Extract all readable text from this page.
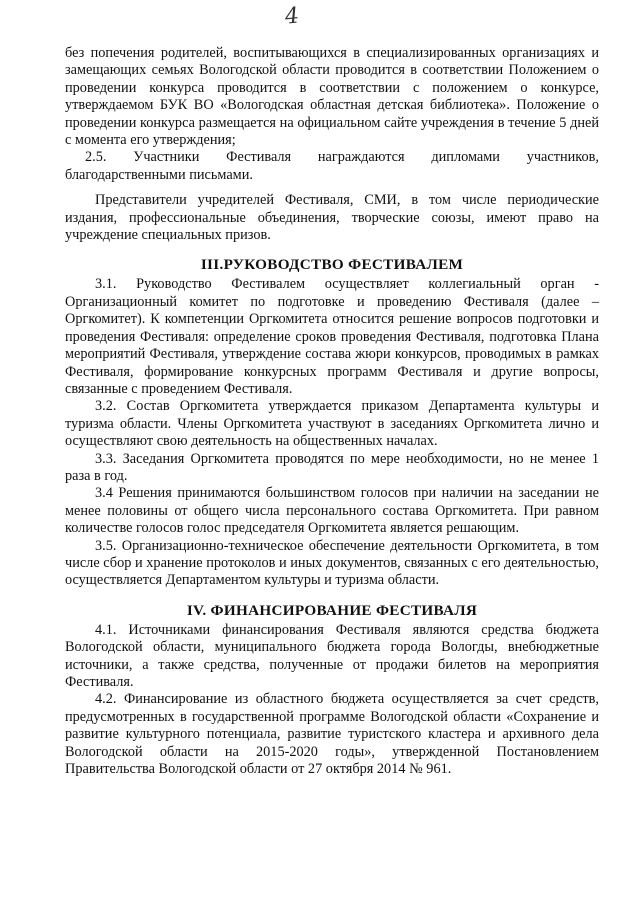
4

без попечения родителей, воспитывающихся в специализированных организациях и замещающих семьях Вологодской области проводится в соответствии Положением о проведении конкурса проводится в соответствии с положением о конкурсе, утверждаемом БУК ВО «Вологодская областная детская библиотека». Положение о проведении конкурса размещается на официальном сайте учреждения в течение 5 дней с момента его утверждения;

2.5. Участники Фестиваля награждаются дипломами участников, благодарственными письмами.

Представители учредителей Фестиваля, СМИ, в том числе периодические издания, профессиональные объединения, творческие союзы, имеют право на учреждение специальных призов.

III.РУКОВОДСТВО ФЕСТИВАЛЕМ

3.1. Руководство Фестивалем осуществляет коллегиальный орган - Организационный комитет по подготовке и проведению Фестиваля (далее – Оргкомитет). К компетенции Оргкомитета относится решение вопросов подготовки и проведения Фестиваля: определение сроков проведения Фестиваля, подготовка Плана мероприятий Фестиваля, утверждение состава жюри конкурсов, проводимых в рамках Фестиваля, формирование конкурсных программ Фестиваля и другие вопросы, связанные с проведением Фестиваля.

3.2. Состав Оргкомитета утверждается приказом Департамента культуры и туризма области. Члены Оргкомитета участвуют в заседаниях Оргкомитета лично и осуществляют свою деятельность на общественных началах.

3.3. Заседания Оргкомитета проводятся по мере необходимости, но не менее 1 раза в год.

3.4 Решения принимаются большинством голосов при наличии на заседании не менее половины от общего числа персонального состава Оргкомитета. При равном количестве голосов голос председателя Оргкомитета является решающим.

3.5. Организационно-техническое обеспечение деятельности Оргкомитета, в том числе сбор и хранение протоколов и иных документов, связанных с его деятельностью, осуществляется Департаментом культуры и туризма области.

IV. ФИНАНСИРОВАНИЕ ФЕСТИВАЛЯ

4.1. Источниками финансирования Фестиваля являются средства бюджета Вологодской области, муниципального бюджета города Вологды, внебюджетные источники, а также средства, полученные от продажи билетов на мероприятия Фестиваля.

4.2. Финансирование из областного бюджета осуществляется за счет средств, предусмотренных в государственной программе Вологодской области «Сохранение и развитие культурного потенциала, развитие туристского кластера и архивного дела Вологодской области на 2015-2020 годы», утвержденной Постановлением Правительства Вологодской области от 27 октября 2014 № 961.
